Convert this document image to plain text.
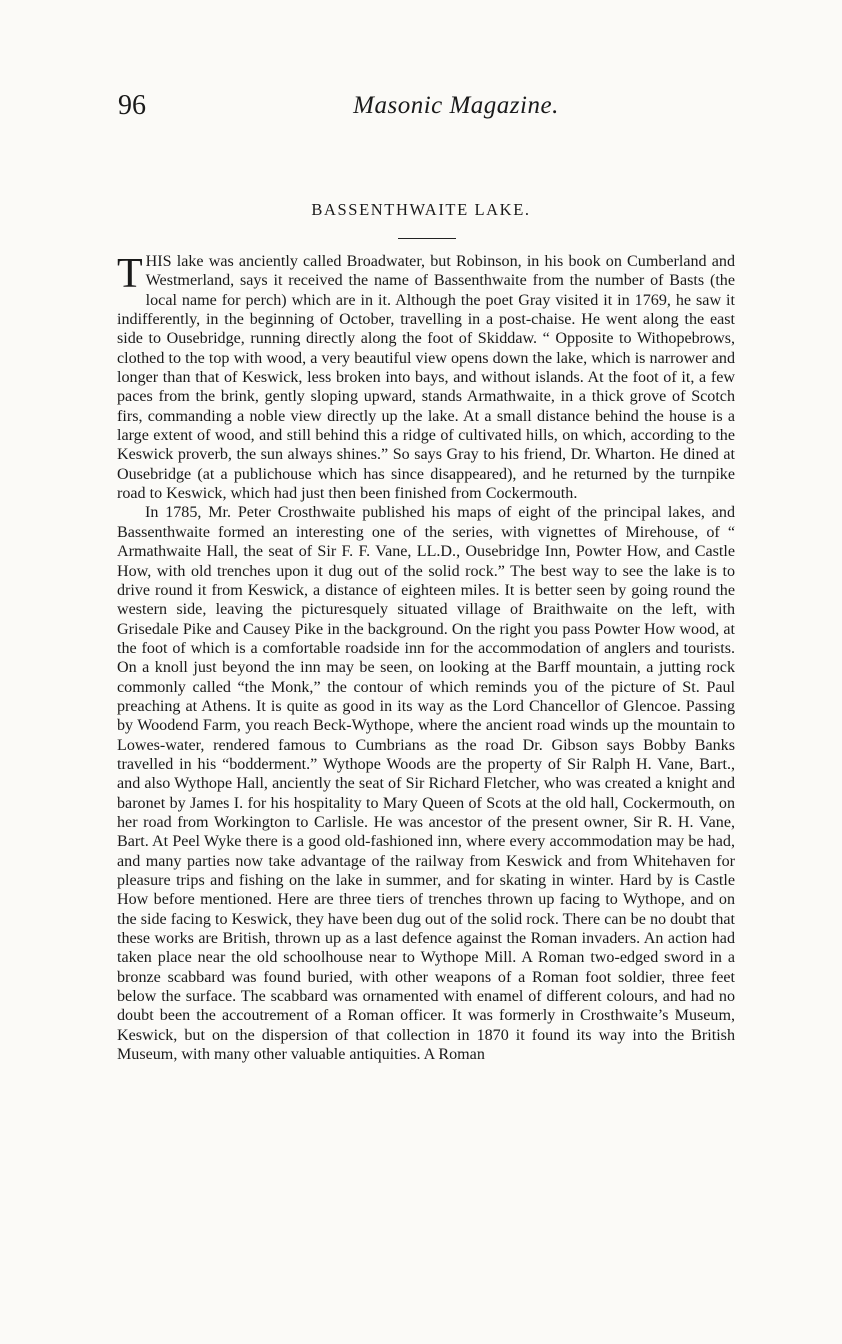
96	Masonic Magazine.
BASSENTHWAITE LAKE.

THIS lake was anciently called Broadwater, but Robinson, in his book on Cumberland and Westmerland, says it received the name of Bassenthwaite from the number of Basts (the local name for perch) which are in it. Although the poet Gray visited it in 1769, he saw it indifferently, in the beginning of October, travelling in a post-chaise. He went along the east side to Ousebridge, running directly along the foot of Skiddaw. “ Opposite to Withopebrows, clothed to the top with wood, a very beautiful view opens down the lake, which is narrower and longer than that of Keswick, less broken into bays, and without islands. At the foot of it, a few paces from the brink, gently sloping upward, stands Armathwaite, in a thick grove of Scotch firs, commanding a noble view directly up the lake. At a small distance behind the house is a large extent of wood, and still behind this a ridge of cultivated hills, on which, according to the Keswick proverb, the sun always shines.” So says Gray to his friend, Dr. Wharton. He dined at Ousebridge (at a publichouse which has since disappeared), and he returned by the turnpike road to Keswick, which had just then been finished from Cockermouth.

In 1785, Mr. Peter Crosthwaite published his maps of eight of the principal lakes, and Bassenthwaite formed an interesting one of the series, with vignettes of Mirehouse, of “ Armathwaite Hall, the seat of Sir F. F. Vane, LL.D., Ousebridge Inn, Powter How, and Castle How, with old trenches upon it dug out of the solid rock.” The best way to see the lake is to drive round it from Keswick, a distance of eighteen miles. It is better seen by going round the western side, leaving the picturesquely situated village of Braithwaite on the left, with Grisedale Pike and Causey Pike in the background. On the right you pass Powter How wood, at the foot of which is a comfortable roadside inn for the accommodation of anglers and tourists. On a knoll just beyond the inn may be seen, on looking at the Barff mountain, a jutting rock commonly called “the Monk,” the contour of which reminds you of the picture of St. Paul preaching at Athens. It is quite as good in its way as the Lord Chancellor of Glencoe. Passing by Woodend Farm, you reach Beck-Wythope, where the ancient road winds up the mountain to Lowes-water, rendered famous to Cumbrians as the road Dr. Gibson says Bobby Banks travelled in his “bodderment.” Wythope Woods are the property of Sir Ralph H. Vane, Bart., and also Wythope Hall, anciently the seat of Sir Richard Fletcher, who was created a knight and baronet by James I. for his hospitality to Mary Queen of Scots at the old hall, Cockermouth, on her road from Workington to Carlisle. He was ancestor of the present owner, Sir R. H. Vane, Bart. At Peel Wyke there is a good old-fashioned inn, where every accommodation may be had, and many parties now take advantage of the railway from Keswick and from Whitehaven for pleasure trips and fishing on the lake in summer, and for skating in winter. Hard by is Castle How before mentioned. Here are three tiers of trenches thrown up facing to Wythope, and on the side facing to Keswick, they have been dug out of the solid rock. There can be no doubt that these works are British, thrown up as a last defence against the Roman invaders. An action had taken place near the old schoolhouse near to Wythope Mill. A Roman two-edged sword in a bronze scabbard was found buried, with other weapons of a Roman foot soldier, three feet below the surface. The scabbard was ornamented with enamel of different colours, and had no doubt been the accoutrement of a Roman officer. It was formerly in Crosthwaite’s Museum, Keswick, but on the dispersion of that collection in 1870 it found its way into the British Museum, with many other valuable antiquities. A Roman
